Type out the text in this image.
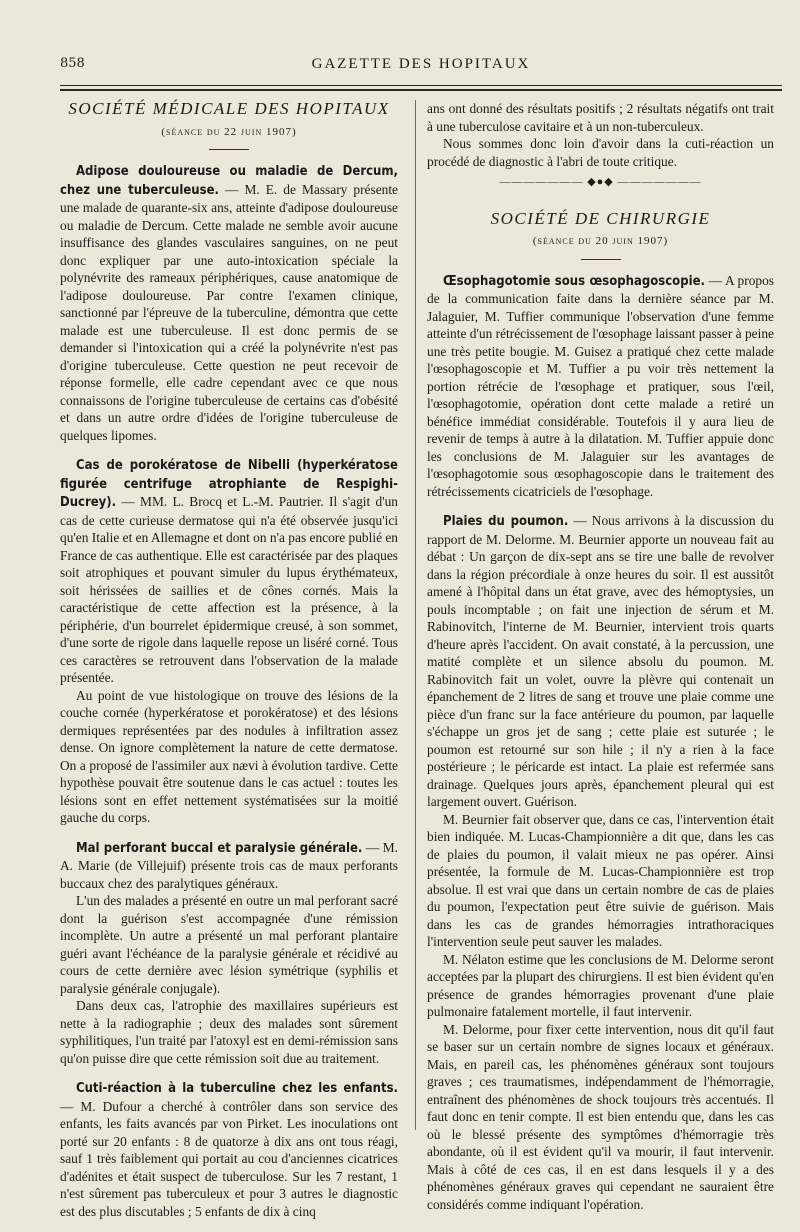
858	GAZETTE DES HOPITAUX
SOCIÉTÉ MÉDICALE DES HOPITAUX
(séance du 22 juin 1907)

Adipose douloureuse ou maladie de Dercum, chez une tuberculeuse. — M. E. de Massary présente une malade de quarante-six ans, atteinte d'adipose douloureuse ou maladie de Dercum. Cette malade ne semble avoir aucune insuffisance des glandes vasculaires sanguines, on ne peut donc expliquer par une auto-intoxication spéciale la polynévrite des rameaux périphériques, cause anatomique de l'adipose douloureuse. Par contre l'examen clinique, sanctionné par l'épreuve de la tuberculine, démontra que cette malade est une tuberculeuse. Il est donc permis de se demander si l'intoxication qui a créé la polynévrite n'est pas d'origine tuberculeuse. Cette question ne peut recevoir de réponse formelle, elle cadre cependant avec ce que nous connaissons de l'origine tuberculeuse de certains cas d'obésité et dans un autre ordre d'idées de l'origine tuberculeuse de quelques lipomes.

Cas de porokératose de Nibelli (hyperkératose figurée centrifuge atrophiante de Respighi-Ducrey). — MM. L. Brocq et L.-M. Pautrier. Il s'agit d'un cas de cette curieuse dermatose qui n'a été observée jusqu'ici qu'en Italie et en Allemagne et dont on n'a pas encore publié en France de cas authentique. Elle est caractérisée par des plaques soit atrophiques et pouvant simuler du lupus érythémateux, soit hérissées de saillies et de cônes cornés. Mais la caractéristique de cette affection est la présence, à la périphérie, d'un bourrelet épidermique creusé, à son sommet, d'une sorte de rigole dans laquelle repose un liséré corné. Tous ces caractères se retrouvent dans l'observation de la malade présentée.

Au point de vue histologique on trouve des lésions de la couche cornée (hyperkératose et porokératose) et des lésions dermiques représentées par des nodules à infiltration assez dense. On ignore complètement la nature de cette dermatose. On a proposé de l'assimiler aux nævi à évolution tardive. Cette hypothèse pouvait être soutenue dans le cas actuel : toutes les lésions sont en effet nettement systématisées sur la moitié gauche du corps.

Mal perforant buccal et paralysie générale. — M. A. Marie (de Villejuif) présente trois cas de maux perforants buccaux chez des paralytiques généraux.

L'un des malades a présenté en outre un mal perforant sacré dont la guérison s'est accompagnée d'une rémission incomplète. Un autre a présenté un mal perforant plantaire guéri avant l'échéance de la paralysie générale et récidivé au cours de cette dernière avec lésion symétrique (syphilis et paralysie générale conjugale).

Dans deux cas, l'atrophie des maxillaires supérieurs est nette à la radiographie ; deux des malades sont sûrement syphilitiques, l'un traité par l'atoxyl est en demi-rémission sans qu'on puisse dire que cette rémission soit due au traitement.

Cuti-réaction à la tuberculine chez les enfants. — M. Dufour a cherché à contrôler dans son service des enfants, les faits avancés par von Pirket. Les inoculations ont porté sur 20 enfants : 8 de quatorze à dix ans ont tous réagi, sauf 1 très faiblement qui portait au cou d'anciennes cicatrices d'adénites et était suspect de tuberculose. Sur les 7 restant, 1 n'est sûrement pas tuberculeux et pour 3 autres le diagnostic est des plus discutables ; 5 enfants de dix à cinq

ans ont donné des résultats positifs ; 2 résultats négatifs ont trait à une tuberculose cavitaire et à un non-tuberculeux.

Nous sommes donc loin d'avoir dans la cuti-réaction un procédé de diagnostic à l'abri de toute critique.

——————— ◆●◆ ———————
SOCIÉTÉ DE CHIRURGIE
(séance du 20 juin 1907)

Œsophagotomie sous œsophagoscopie. — A propos de la communication faite dans la dernière séance par M. Jalaguier, M. Tuffier communique l'observation d'une femme atteinte d'un rétrécissement de l'œsophage laissant passer à peine une très petite bougie. M. Guisez a pratiqué chez cette malade l'œsophagoscopie et M. Tuffier a pu voir très nettement la portion rétrécie de l'œsophage et pratiquer, sous l'œil, l'œsophagotomie, opération dont cette malade a retiré un bénéfice immédiat considérable. Toutefois il y aura lieu de revenir de temps à autre à la dilatation. M. Tuffier appuie donc les conclusions de M. Jalaguier sur les avantages de l'œsophagotomie sous œsophagoscopie dans le traitement des rétrécissements cicatriciels de l'œsophage.

Plaies du poumon. — Nous arrivons à la discussion du rapport de M. Delorme. M. Beurnier apporte un nouveau fait au débat : Un garçon de dix-sept ans se tire une balle de revolver dans la région précordiale à onze heures du soir. Il est aussitôt amené à l'hôpital dans un état grave, avec des hémoptysies, un pouls incomptable ; on fait une injection de sérum et M. Rabinovitch, l'interne de M. Beurnier, intervient trois quarts d'heure après l'accident. On avait constaté, à la percussion, une matité complète et un silence absolu du poumon. M. Rabinovitch fait un volet, ouvre la plèvre qui contenait un épanchement de 2 litres de sang et trouve une plaie comme une pièce d'un franc sur la face antérieure du poumon, par laquelle s'échappe un gros jet de sang ; cette plaie est suturée ; le poumon est retourné sur son hile ; il n'y a rien à la face postérieure ; le péricarde est intact. La plaie est refermée sans drainage. Quelques jours après, épanchement pleural qui est largement ouvert. Guérison.

M. Beurnier fait observer que, dans ce cas, l'intervention était bien indiquée. M. Lucas-Championnière a dit que, dans les cas de plaies du poumon, il valait mieux ne pas opérer. Ainsi présentée, la formule de M. Lucas-Championnière est trop absolue. Il est vrai que dans un certain nombre de cas de plaies du poumon, l'expectation peut être suivie de guérison. Mais dans les cas de grandes hémorragies intrathoraciques l'intervention seule peut sauver les malades.

M. Nélaton estime que les conclusions de M. Delorme seront acceptées par la plupart des chirurgiens. Il est bien évident qu'en présence de grandes hémorragies provenant d'une plaie pulmonaire fatalement mortelle, il faut intervenir.

M. Delorme, pour fixer cette intervention, nous dit qu'il faut se baser sur un certain nombre de signes locaux et généraux. Mais, en pareil cas, les phénomènes généraux sont toujours graves ; ces traumatismes, indépendamment de l'hémorragie, entraînent des phénomènes de shock toujours très accentués. Il faut donc en tenir compte. Il est bien entendu que, dans les cas où le blessé présente des symptômes d'hémorragie très abondante, où il est évident qu'il va mourir, il faut intervenir. Mais à côté de ces cas, il en est dans lesquels il y a des phénomènes généraux graves qui cependant ne sauraient être considérés comme indiquant l'opération.
